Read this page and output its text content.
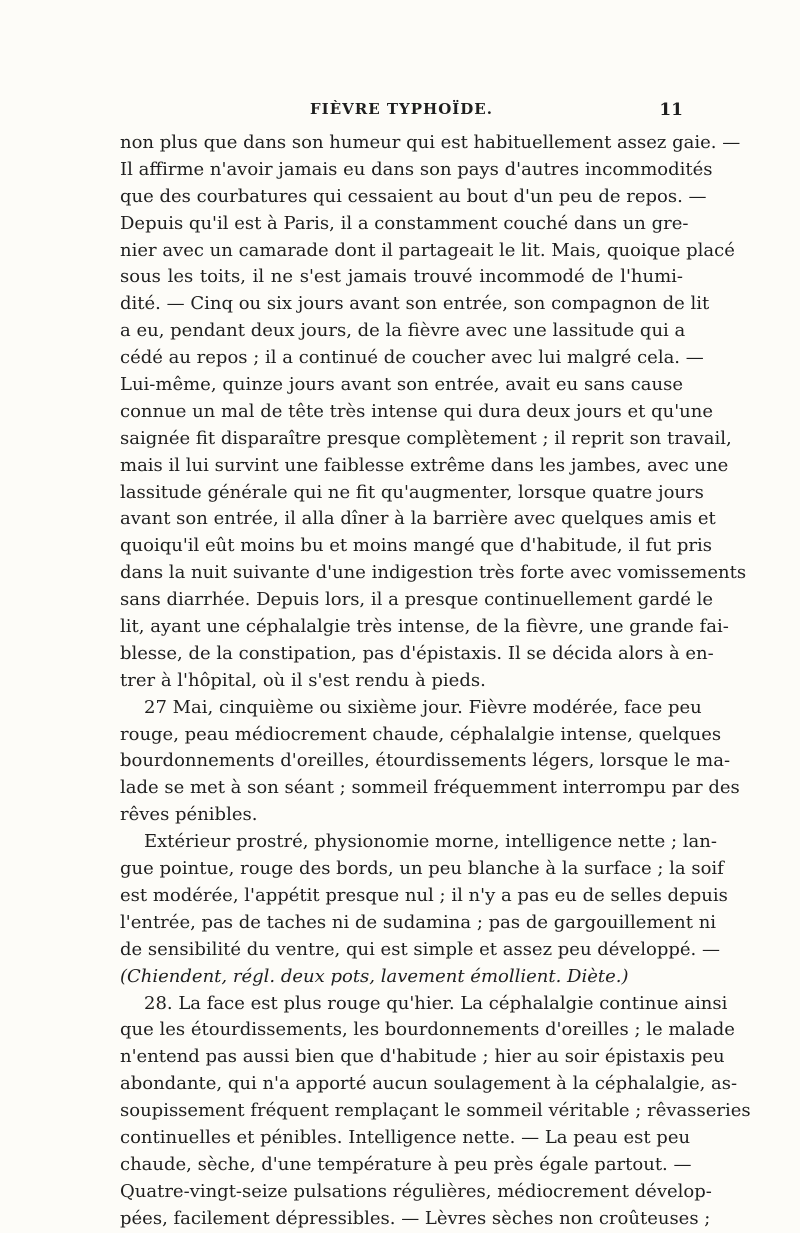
FIÈVRE TYPHOÏDE.	11
non plus que dans son humeur qui est habituellement assez gaie. —
Il affirme n'avoir jamais eu dans son pays d'autres incommodités
que des courbatures qui cessaient au bout d'un peu de repos. —
Depuis qu'il est à Paris, il a constamment couché dans un gre-
nier avec un camarade dont il partageait le lit. Mais, quoique placé
sous les toits, il ne s'est jamais trouvé incommodé de l'humi-
dité. — Cinq ou six jours avant son entrée, son compagnon de lit
a eu, pendant deux jours, de la fièvre avec une lassitude qui a
cédé au repos ; il a continué de coucher avec lui malgré cela. —
Lui-même, quinze jours avant son entrée, avait eu sans cause
connue un mal de tête très intense qui dura deux jours et qu'une
saignée fit disparaître presque complètement ; il reprit son travail,
mais il lui survint une faiblesse extrême dans les jambes, avec une
lassitude générale qui ne fit qu'augmenter, lorsque quatre jours
avant son entrée, il alla dîner à la barrière avec quelques amis et
quoiqu'il eût moins bu et moins mangé que d'habitude, il fut pris
dans la nuit suivante d'une indigestion très forte avec vomissements
sans diarrhée. Depuis lors, il a presque continuellement gardé le
lit, ayant une céphalalgie très intense, de la fièvre, une grande fai-
blesse, de la constipation, pas d'épistaxis. Il se décida alors à en-
trer à l'hôpital, où il s'est rendu à pieds.
27 Mai, cinquième ou sixième jour. Fièvre modérée, face peu
rouge, peau médiocrement chaude, céphalalgie intense, quelques
bourdonnements d'oreilles, étourdissements légers, lorsque le ma-
lade se met à son séant ; sommeil fréquemment interrompu par des
rêves pénibles.
Extérieur prostré, physionomie morne, intelligence nette ; lan-
gue pointue, rouge des bords, un peu blanche à la surface ; la soif
est modérée, l'appétit presque nul ; il n'y a pas eu de selles depuis
l'entrée, pas de taches ni de sudamina ; pas de gargouillement ni
de sensibilité du ventre, qui est simple et assez peu développé. —
(Chiendent, régl. deux pots, lavement émollient. Diète.)
28. La face est plus rouge qu'hier. La céphalalgie continue ainsi
que les étourdissements, les bourdonnements d'oreilles ; le malade
n'entend pas aussi bien que d'habitude ; hier au soir épistaxis peu
abondante, qui n'a apporté aucun soulagement à la céphalalgie, as-
soupissement fréquent remplaçant le sommeil véritable ; rêvasseries
continuelles et pénibles. Intelligence nette. — La peau est peu
chaude, sèche, d'une température à peu près égale partout. —
Quatre-vingt-seize pulsations régulières, médiocrement dévelop-
pées, facilement dépressibles. — Lèvres sèches non croûteuses ;
